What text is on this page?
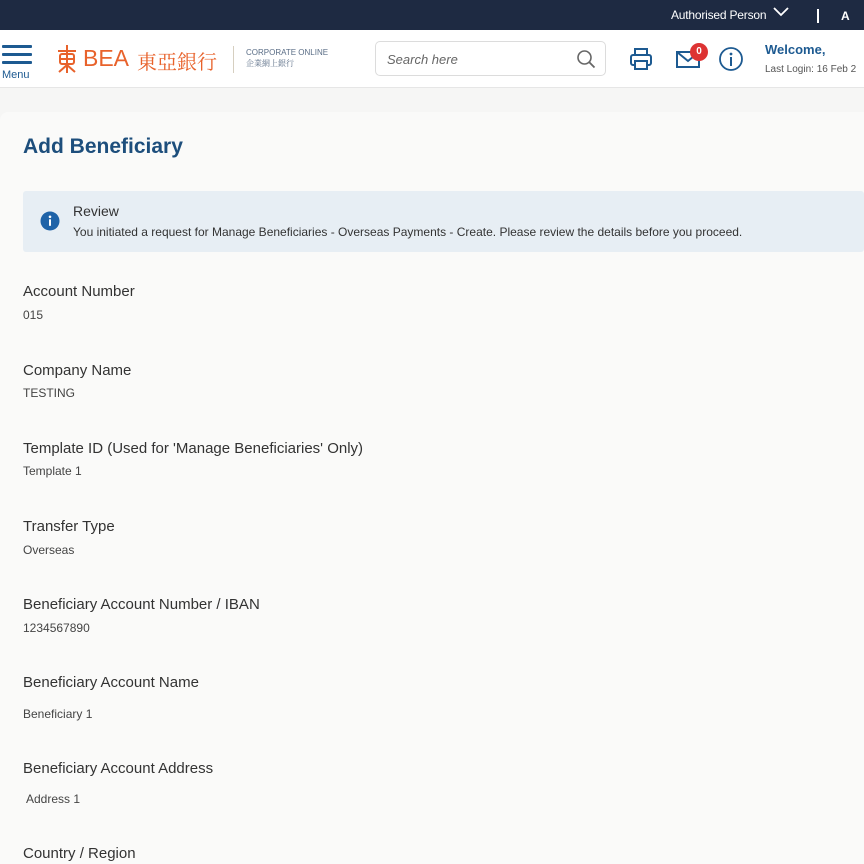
Authorised Person	A
Menu
BEA 東亞銀行	CORPORATE ONLINE
企業網上銀行
Search here
0	Welcome,
Last Login: 16 Feb 2
Add Beneficiary
Review
You initiated a request for Manage Beneficiaries - Overseas Payments - Create. Please review the details before you proceed.
Account Number
015
Company Name
TESTING
Template ID (Used for 'Manage Beneficiaries' Only)
Template 1
Transfer Type
Overseas
Beneficiary Account Number / IBAN
1234567890
Beneficiary Account Name
Beneficiary 1
Beneficiary Account Address
Address 1
Country / Region
